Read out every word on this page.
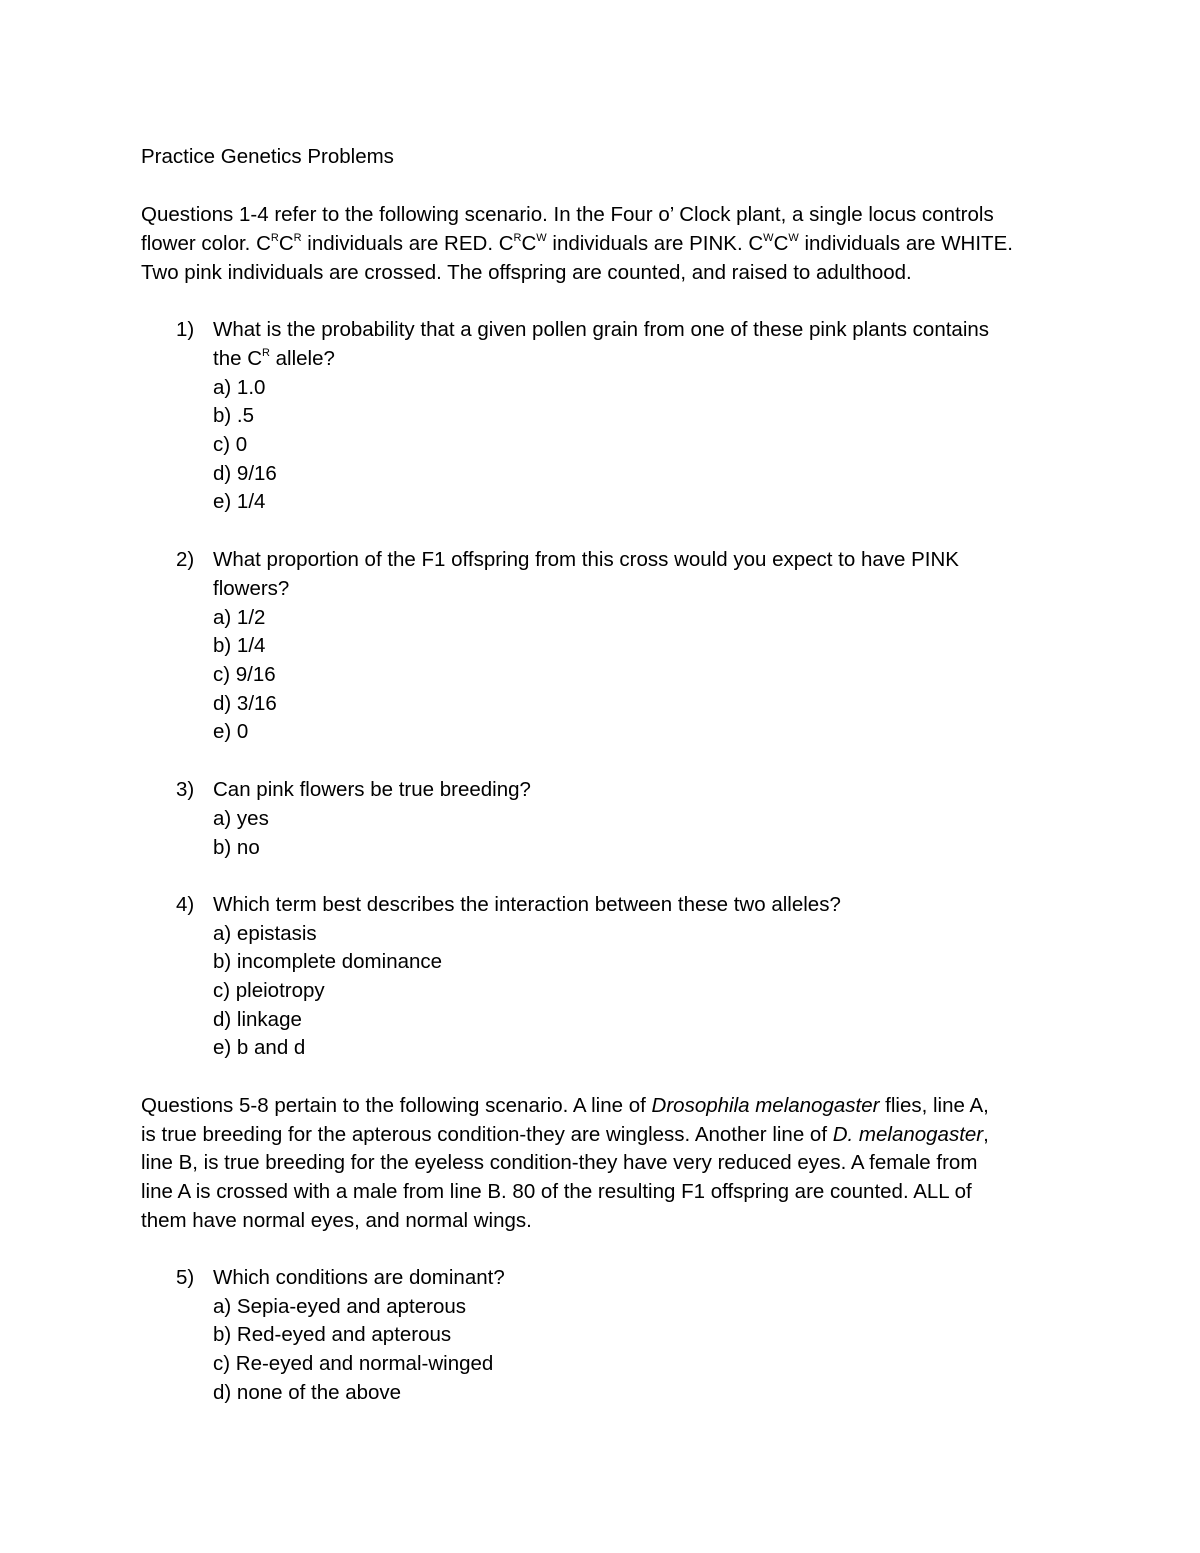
Practice Genetics Problems
Questions 1-4 refer to the following scenario. In the Four o’ Clock plant, a single locus controls
flower color. $C^RC^R$ individuals are RED. $C^RC^W$ individuals are PINK. $C^WC^W$ individuals are WHITE.
Two pink individuals are crossed. The offspring are counted, and raised to adulthood.
1) What is the probability that a given pollen grain from one of these pink plants contains
the $C^R$ allele?
a) 1.0
b) .5
c) 0
d) 9/16
e) 1/4
2) What proportion of the F1 offspring from this cross would you expect to have PINK
flowers?
a) 1/2
b) 1/4
c) 9/16
d) 3/16
e) 0
3) Can pink flowers be true breeding?
a) yes
b) no
4) Which term best describes the interaction between these two alleles?
a) epistasis
b) incomplete dominance
c) pleiotropy
d) linkage
e) b and d
Questions 5-8 pertain to the following scenario. A line of Drosophila melanogaster flies, line A,
is true breeding for the apterous condition-they are wingless. Another line of D. melanogaster,
line B, is true breeding for the eyeless condition-they have very reduced eyes. A female from
line A is crossed with a male from line B. 80 of the resulting F1 offspring are counted. ALL of
them have normal eyes, and normal wings.
5) Which conditions are dominant?
a) Sepia-eyed and apterous
b) Red-eyed and apterous
c) Re-eyed and normal-winged
d) none of the above
